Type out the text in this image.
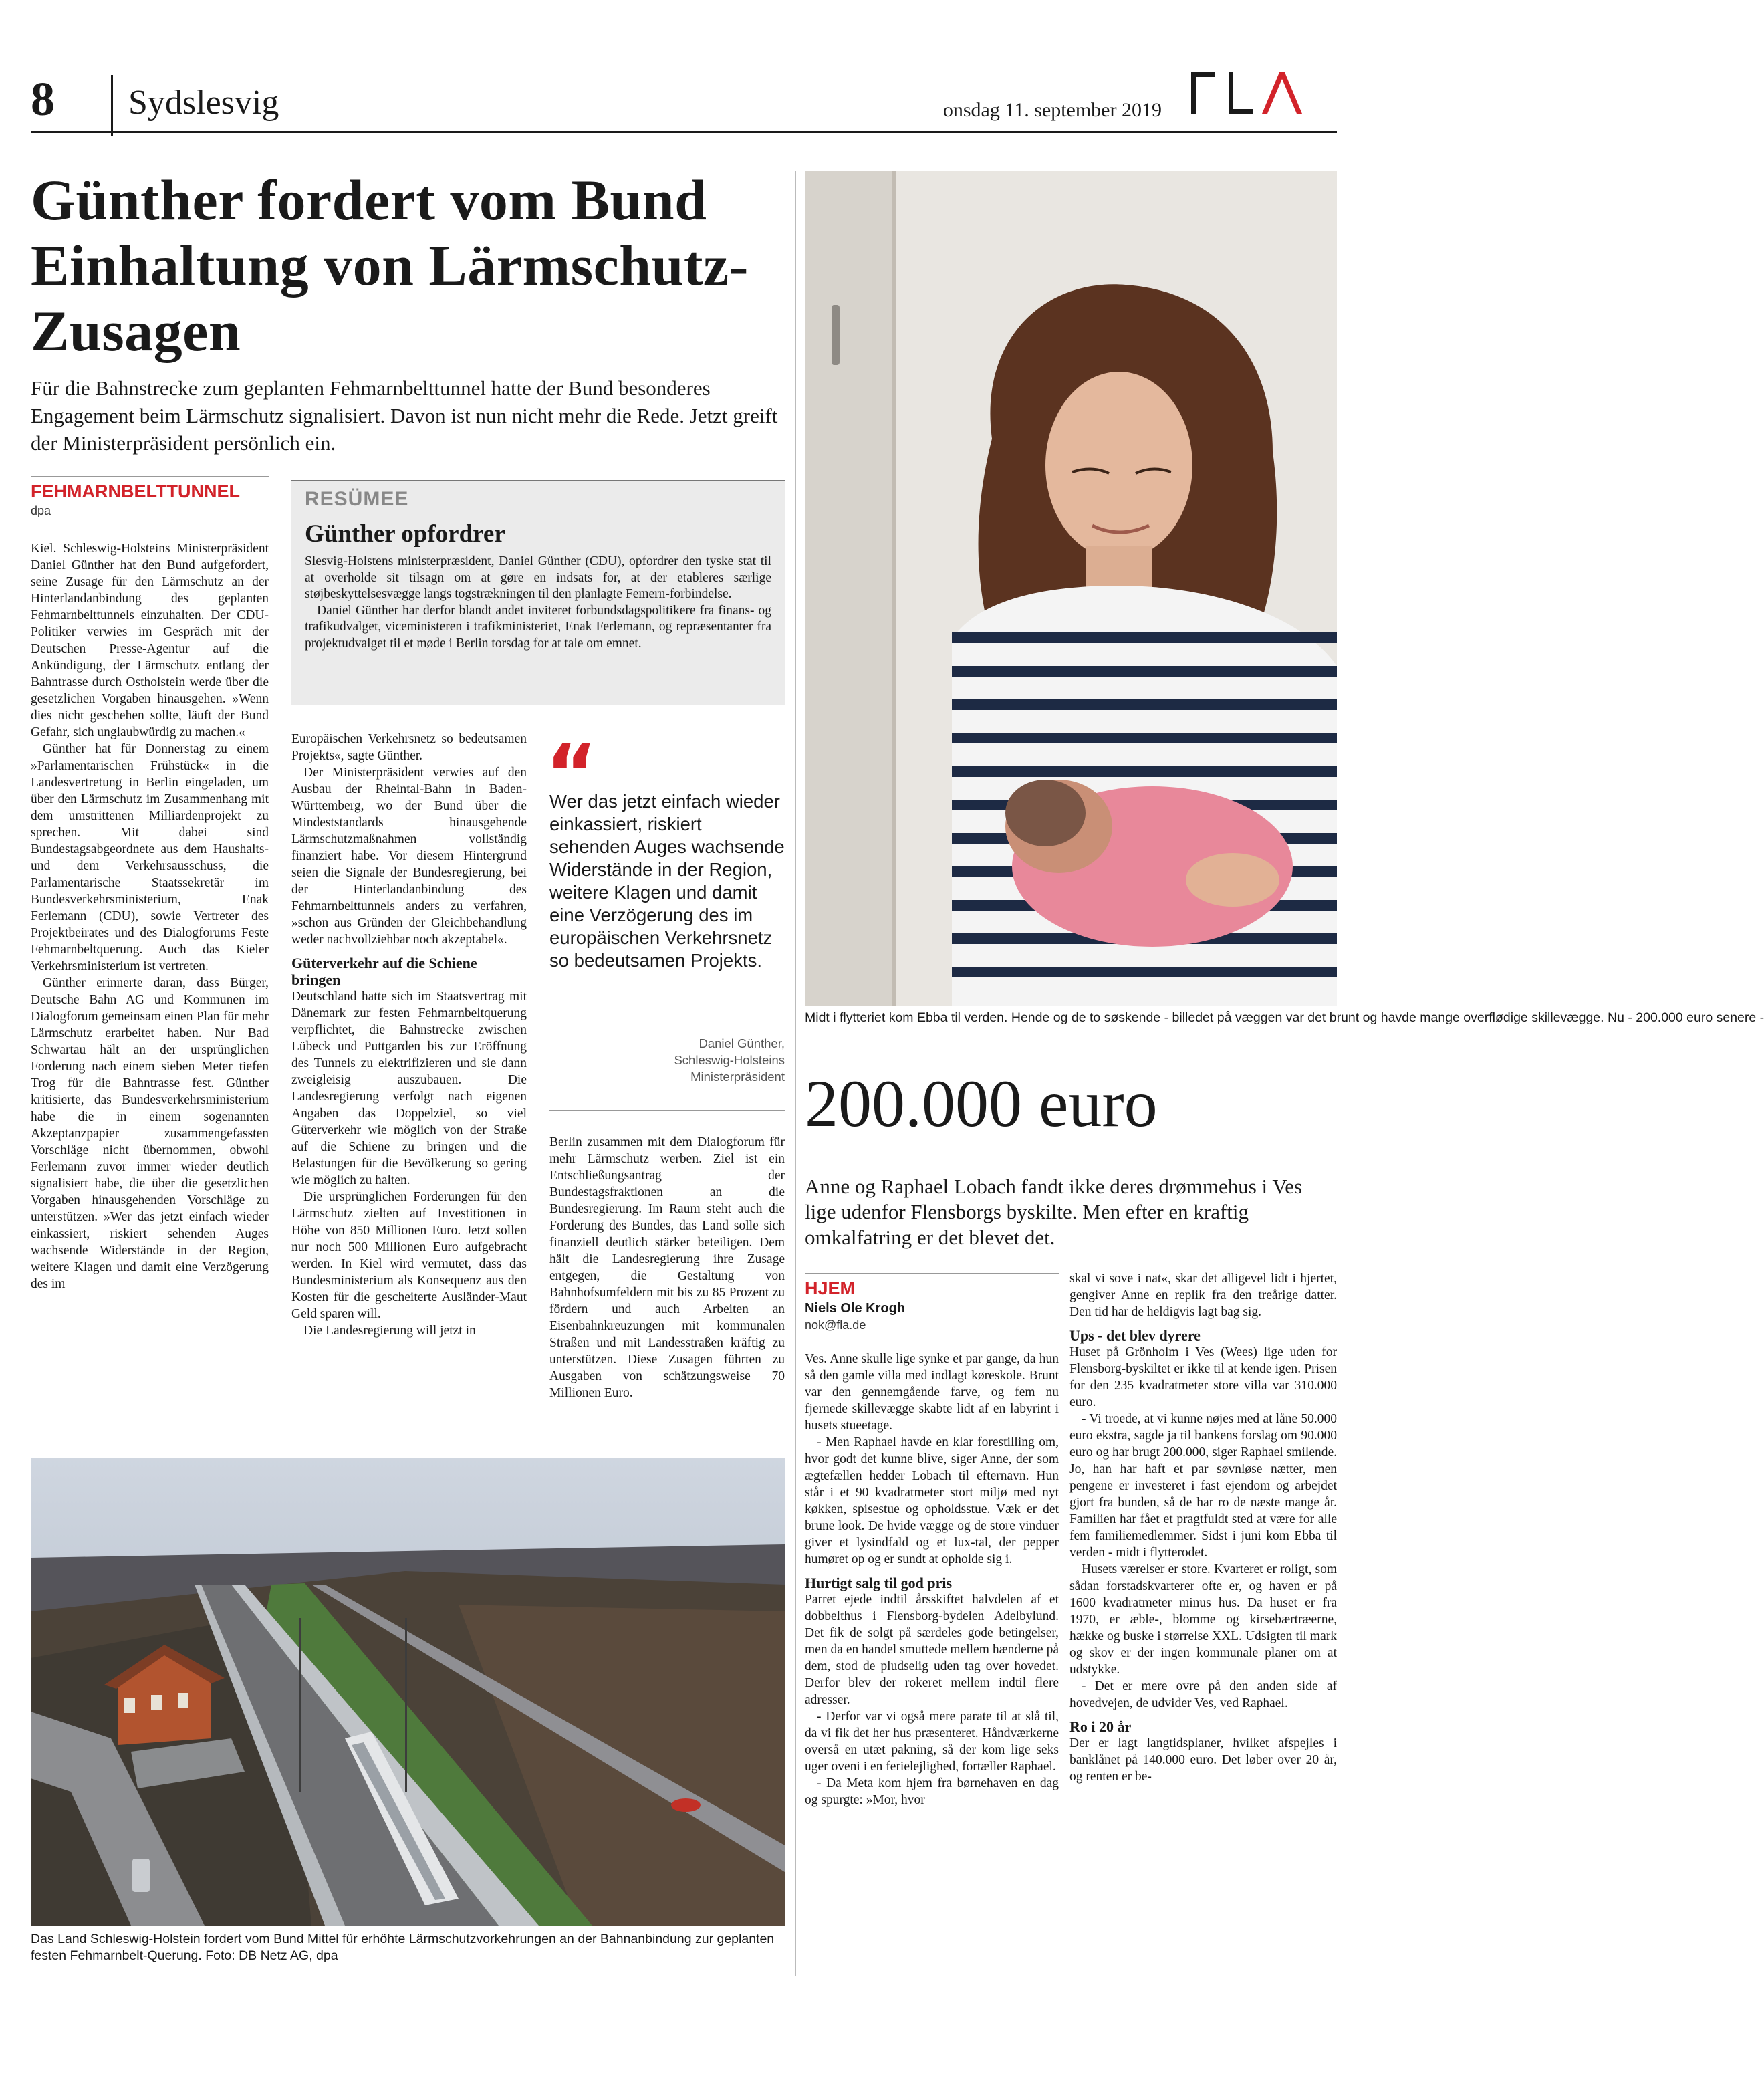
8 Sydslesvig	onsdag 11. september 2019
Günther fordert vom Bund Einhaltung von Lärmschutz-Zusagen

Für die Bahnstrecke zum geplanten Fehmarnbelttunnel hatte der Bund besonderes Engagement beim Lärmschutz signalisiert. Davon ist nun nicht mehr die Rede. Jetzt greift der Ministerpräsident persönlich ein.

FEHMARNBELTTUNNEL
dpa

Kiel. Schleswig-Holsteins Ministerpräsident Daniel Günther hat den Bund aufgefordert, seine Zusage für den Lärmschutz an der Hinterlandanbindung des geplanten Fehmarnbelttunnels einzuhalten. Der CDU-Politiker verwies im Gespräch mit der Deutschen Presse-Agentur auf die Ankündigung, der Lärmschutz entlang der Bahntrasse durch Ostholstein werde über die gesetzlichen Vorgaben hinausgehen. »Wenn dies nicht geschehen sollte, läuft der Bund Gefahr, sich unglaubwürdig zu machen.«

Günther hat für Donnerstag zu einem »Parlamentarischen Frühstück« in die Landesvertretung in Berlin eingeladen, um über den Lärmschutz im Zusammenhang mit dem umstrittenen Milliardenprojekt zu sprechen. Mit dabei sind Bundestagsabgeordnete aus dem Haushalts- und dem Verkehrsausschuss, die Parlamentarische Staatssekretär im Bundesverkehrsministerium, Enak Ferlemann (CDU), sowie Vertreter des Projektbeirates und des Dialogforums Feste Fehmarnbeltquerung. Auch das Kieler Verkehrsministerium ist vertreten.

Günther erinnerte daran, dass Bürger, Deutsche Bahn AG und Kommunen im Dialogforum gemeinsam einen Plan für mehr Lärmschutz erarbeitet haben. Nur Bad Schwartau hält an der ursprünglichen Forderung nach einem sieben Meter tiefen Trog für die Bahntrasse fest. Günther kritisierte, das Bundesverkehrsministerium habe die in einem sogenannten Akzeptanzpapier zusammengefassten Vorschläge nicht übernommen, obwohl Ferlemann zuvor immer wieder deutlich signalisiert habe, die über die gesetzlichen Vorgaben hinausgehenden Vorschläge zu unterstützen. »Wer das jetzt einfach wieder einkassiert, riskiert sehenden Auges wachsende Widerstände in der Region, weitere Klagen und damit eine Verzögerung des im

RESÜMEE
Günther opfordrer

Slesvig-Holstens ministerpræsident, Daniel Günther (CDU), opfordrer den tyske stat til at overholde sit tilsagn om at gøre en indsats for, at der etableres særlige støjbeskyttelsesvægge langs togstrækningen til den planlagte Femern-forbindelse.

Daniel Günther har derfor blandt andet inviteret forbundsdagspolitikere fra finans- og trafikudvalget, viceministeren i trafikministeriet, Enak Ferlemann, og repræsentanter fra projektudvalget til et møde i Berlin torsdag for at tale om emnet.

Europäischen Verkehrsnetz so bedeutsamen Projekts«, sagte Günther.

Der Ministerpräsident verwies auf den Ausbau der Rheintal-Bahn in Baden-Württemberg, wo der Bund über die Mindeststandards hinausgehende Lärmschutzmaßnahmen vollständig finanziert habe. Vor diesem Hintergrund seien die Signale der Bundesregierung, bei der Hinterlandanbindung des Fehmarnbelttunnels anders zu verfahren, »schon aus Gründen der Gleichbehandlung weder nachvollziehbar noch akzeptabel«.

Güterverkehr auf die Schiene bringen

Deutschland hatte sich im Staatsvertrag mit Dänemark zur festen Fehmarnbeltquerung verpflichtet, die Bahnstrecke zwischen Lübeck und Puttgarden bis zur Eröffnung des Tunnels zu elektrifizieren und sie dann zweigleisig auszubauen. Die Landesregierung verfolgt nach eigenen Angaben das Doppelziel, so viel Güterverkehr wie möglich von der Straße auf die Schiene zu bringen und die Belastungen für die Bevölkerung so gering wie möglich zu halten.

Die ursprünglichen Forderungen für den Lärmschutz zielten auf Investitionen in Höhe von 850 Millionen Euro. Jetzt sollen nur noch 500 Millionen Euro aufgebracht werden. In Kiel wird vermutet, dass das Bundesministerium als Konsequenz aus den Kosten für die gescheiterte Ausländer-Maut Geld sparen will.

Die Landesregierung will jetzt in

“
Wer das jetzt einfach wieder einkassiert, riskiert sehenden Auges wachsende Widerstände in der Region, weitere Klagen und damit eine Verzögerung des im europäischen Verkehrsnetz so bedeutsamen Projekts.
Daniel Günther,
Schleswig-Holsteins
Ministerpräsident

Berlin zusammen mit dem Dialogforum für mehr Lärmschutz werben. Ziel ist ein Entschließungsantrag der Bundestagsfraktionen an die Bundesregierung. Im Raum steht auch die Forderung des Bundes, das Land solle sich finanziell deutlich stärker beteiligen. Dem hält die Landesregierung ihre Zusage entgegen, die Gestaltung von Bahnhofsumfeldern mit bis zu 85 Prozent zu fördern und auch Arbeiten an Eisenbahnkreuzungen mit kommunalen Straßen und mit Landesstraßen kräftig zu unterstützen. Diese Zusagen führten zu Ausgaben von schätzungsweise 70 Millionen Euro.

Das Land Schleswig-Holstein fordert vom Bund Mittel für erhöhte Lärmschutzvorkehrungen an der Bahnanbindung zur geplanten festen Fehmarnbelt-Querung. Foto: DB Netz AG, dpa
Midt i flytteriet kom Ebba til verden. Hende og de to søskende - billedet på væggen var det brunt og havde mange overflødige skillevægge. Nu - 200.000 euro senere -
200.000 euro

Anne og Raphael Lobach fandt ikke deres drømmehus i Ves lige udenfor Flensborgs byskilte. Men efter en kraftig omkalfatring er det blevet det.

HJEM
Niels Ole Krogh
nok@fla.de

Ves. Anne skulle lige synke et par gange, da hun så den gamle villa med indlagt køreskole. Brunt var den gennemgående farve, og fem nu fjernede skillevægge skabte lidt af en labyrint i husets stueetage.

- Men Raphael havde en klar forestilling om, hvor godt det kunne blive, siger Anne, der som ægtefællen hedder Lobach til efternavn. Hun står i et 90 kvadratmeter stort miljø med nyt køkken, spisestue og opholdsstue. Væk er det brune look. De hvide vægge og de store vinduer giver et lysindfald og et lux-tal, der pepper humøret op og er sundt at opholde sig i.

Hurtigt salg til god pris

Parret ejede indtil årsskiftet halvdelen af et dobbelthus i Flensborg-bydelen Adelbylund. Det fik de solgt på særdeles gode betingelser, men da en handel smuttede mellem hænderne på dem, stod de pludselig uden tag over hovedet. Derfor blev der rokeret mellem indtil flere adresser.

- Derfor var vi også mere parate til at slå til, da vi fik det her hus præsenteret. Håndværkerne overså en utæt pakning, så der kom lige seks uger oveni i en ferielejlighed, fortæller Raphael.

- Da Meta kom hjem fra børnehaven en dag og spurgte: »Mor, hvor

skal vi sove i nat«, skar det alligevel lidt i hjertet, gengiver Anne en replik fra den treårige datter. Den tid har de heldigvis lagt bag sig.

Ups - det blev dyrere

Huset på Grönholm i Ves (Wees) lige uden for Flensborg-byskiltet er ikke til at kende igen. Prisen for den 235 kvadratmeter store villa var 310.000 euro.

- Vi troede, at vi kunne nøjes med at låne 50.000 euro ekstra, sagde ja til bankens forslag om 90.000 euro og har brugt 200.000, siger Raphael smilende. Jo, han har haft et par søvnløse nætter, men pengene er investeret i fast ejendom og arbejdet gjort fra bunden, så de har ro de næste mange år. Familien har fået et pragtfuldt sted at være for alle fem familiemedlemmer. Sidst i juni kom Ebba til verden - midt i flytterodet.

Husets værelser er store. Kvarteret er roligt, som sådan forstadskvarterer ofte er, og haven er på 1600 kvadratmeter minus hus. Da huset er fra 1970, er æble-, blomme og kirsebærtræerne, hække og buske i størrelse XXL. Udsigten til mark og skov er der ingen kommunale planer om at udstykke.

- Det er mere ovre på den anden side af hovedvejen, de udvider Ves, ved Raphael.

Ro i 20 år

Der er lagt langtidsplaner, hvilket afspejles i banklånet på 140.000 euro. Det løber over 20 år, og renten er be-
